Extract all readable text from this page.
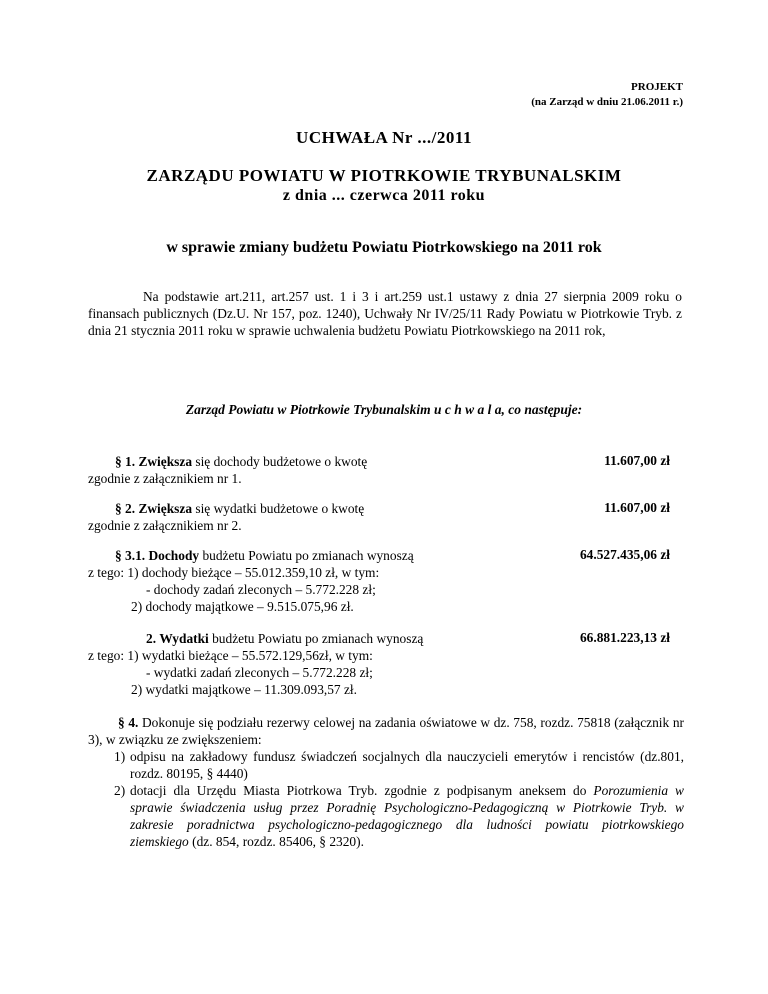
PROJEKT
(na Zarząd w dniu 21.06.2011 r.)
UCHWAŁA Nr .../2011
ZARZĄDU POWIATU W PIOTRKOWIE TRYBUNALSKIM
z dnia ... czerwca 2011 roku
w sprawie zmiany budżetu Powiatu Piotrkowskiego na 2011 rok
Na podstawie art.211, art.257 ust. 1 i 3 i art.259 ust.1 ustawy z dnia 27 sierpnia 2009 roku o finansach publicznych (Dz.U. Nr 157, poz. 1240), Uchwały Nr IV/25/11 Rady Powiatu w Piotrkowie Tryb. z dnia 21 stycznia 2011 roku w sprawie uchwalenia budżetu Powiatu Piotrkowskiego na 2011 rok,
Zarząd Powiatu w Piotrkowie Trybunalskim u c h w a l a, co następuje:
§ 1. Zwiększa się dochody budżetowe o kwotę
zgodnie z załącznikiem nr 1.
11.607,00 zł
§ 2. Zwiększa się wydatki budżetowe o kwotę
zgodnie z załącznikiem nr 2.
11.607,00 zł
§ 3.1. Dochody budżetu Powiatu po zmianach wynoszą	64.527.435,06 zł
z tego: 1) dochody bieżące – 55.012.359,10 zł, w tym:
- dochody zadań zleconych – 5.772.228 zł;
2) dochody majątkowe – 9.515.075,96 zł.
2. Wydatki budżetu Powiatu po zmianach wynoszą	66.881.223,13 zł
z tego: 1) wydatki bieżące – 55.572.129,56zł, w tym:
- wydatki zadań zleconych – 5.772.228 zł;
2) wydatki majątkowe – 11.309.093,57 zł.
§ 4. Dokonuje się podziału rezerwy celowej na zadania oświatowe w dz. 758, rozdz. 75818 (załącznik nr 3), w związku ze zwiększeniem:
1) odpisu na zakładowy fundusz świadczeń socjalnych dla nauczycieli emerytów i rencistów (dz.801, rozdz. 80195, § 4440)
2) dotacji dla Urzędu Miasta Piotrkowa Tryb. zgodnie z podpisanym aneksem do Porozumienia w sprawie świadczenia usług przez Poradnię Psychologiczno-Pedagogiczną w Piotrkowie Tryb. w zakresie poradnictwa psychologiczno-pedagogicznego dla ludności powiatu piotrkowskiego ziemskiego (dz. 854, rozdz. 85406, § 2320).
